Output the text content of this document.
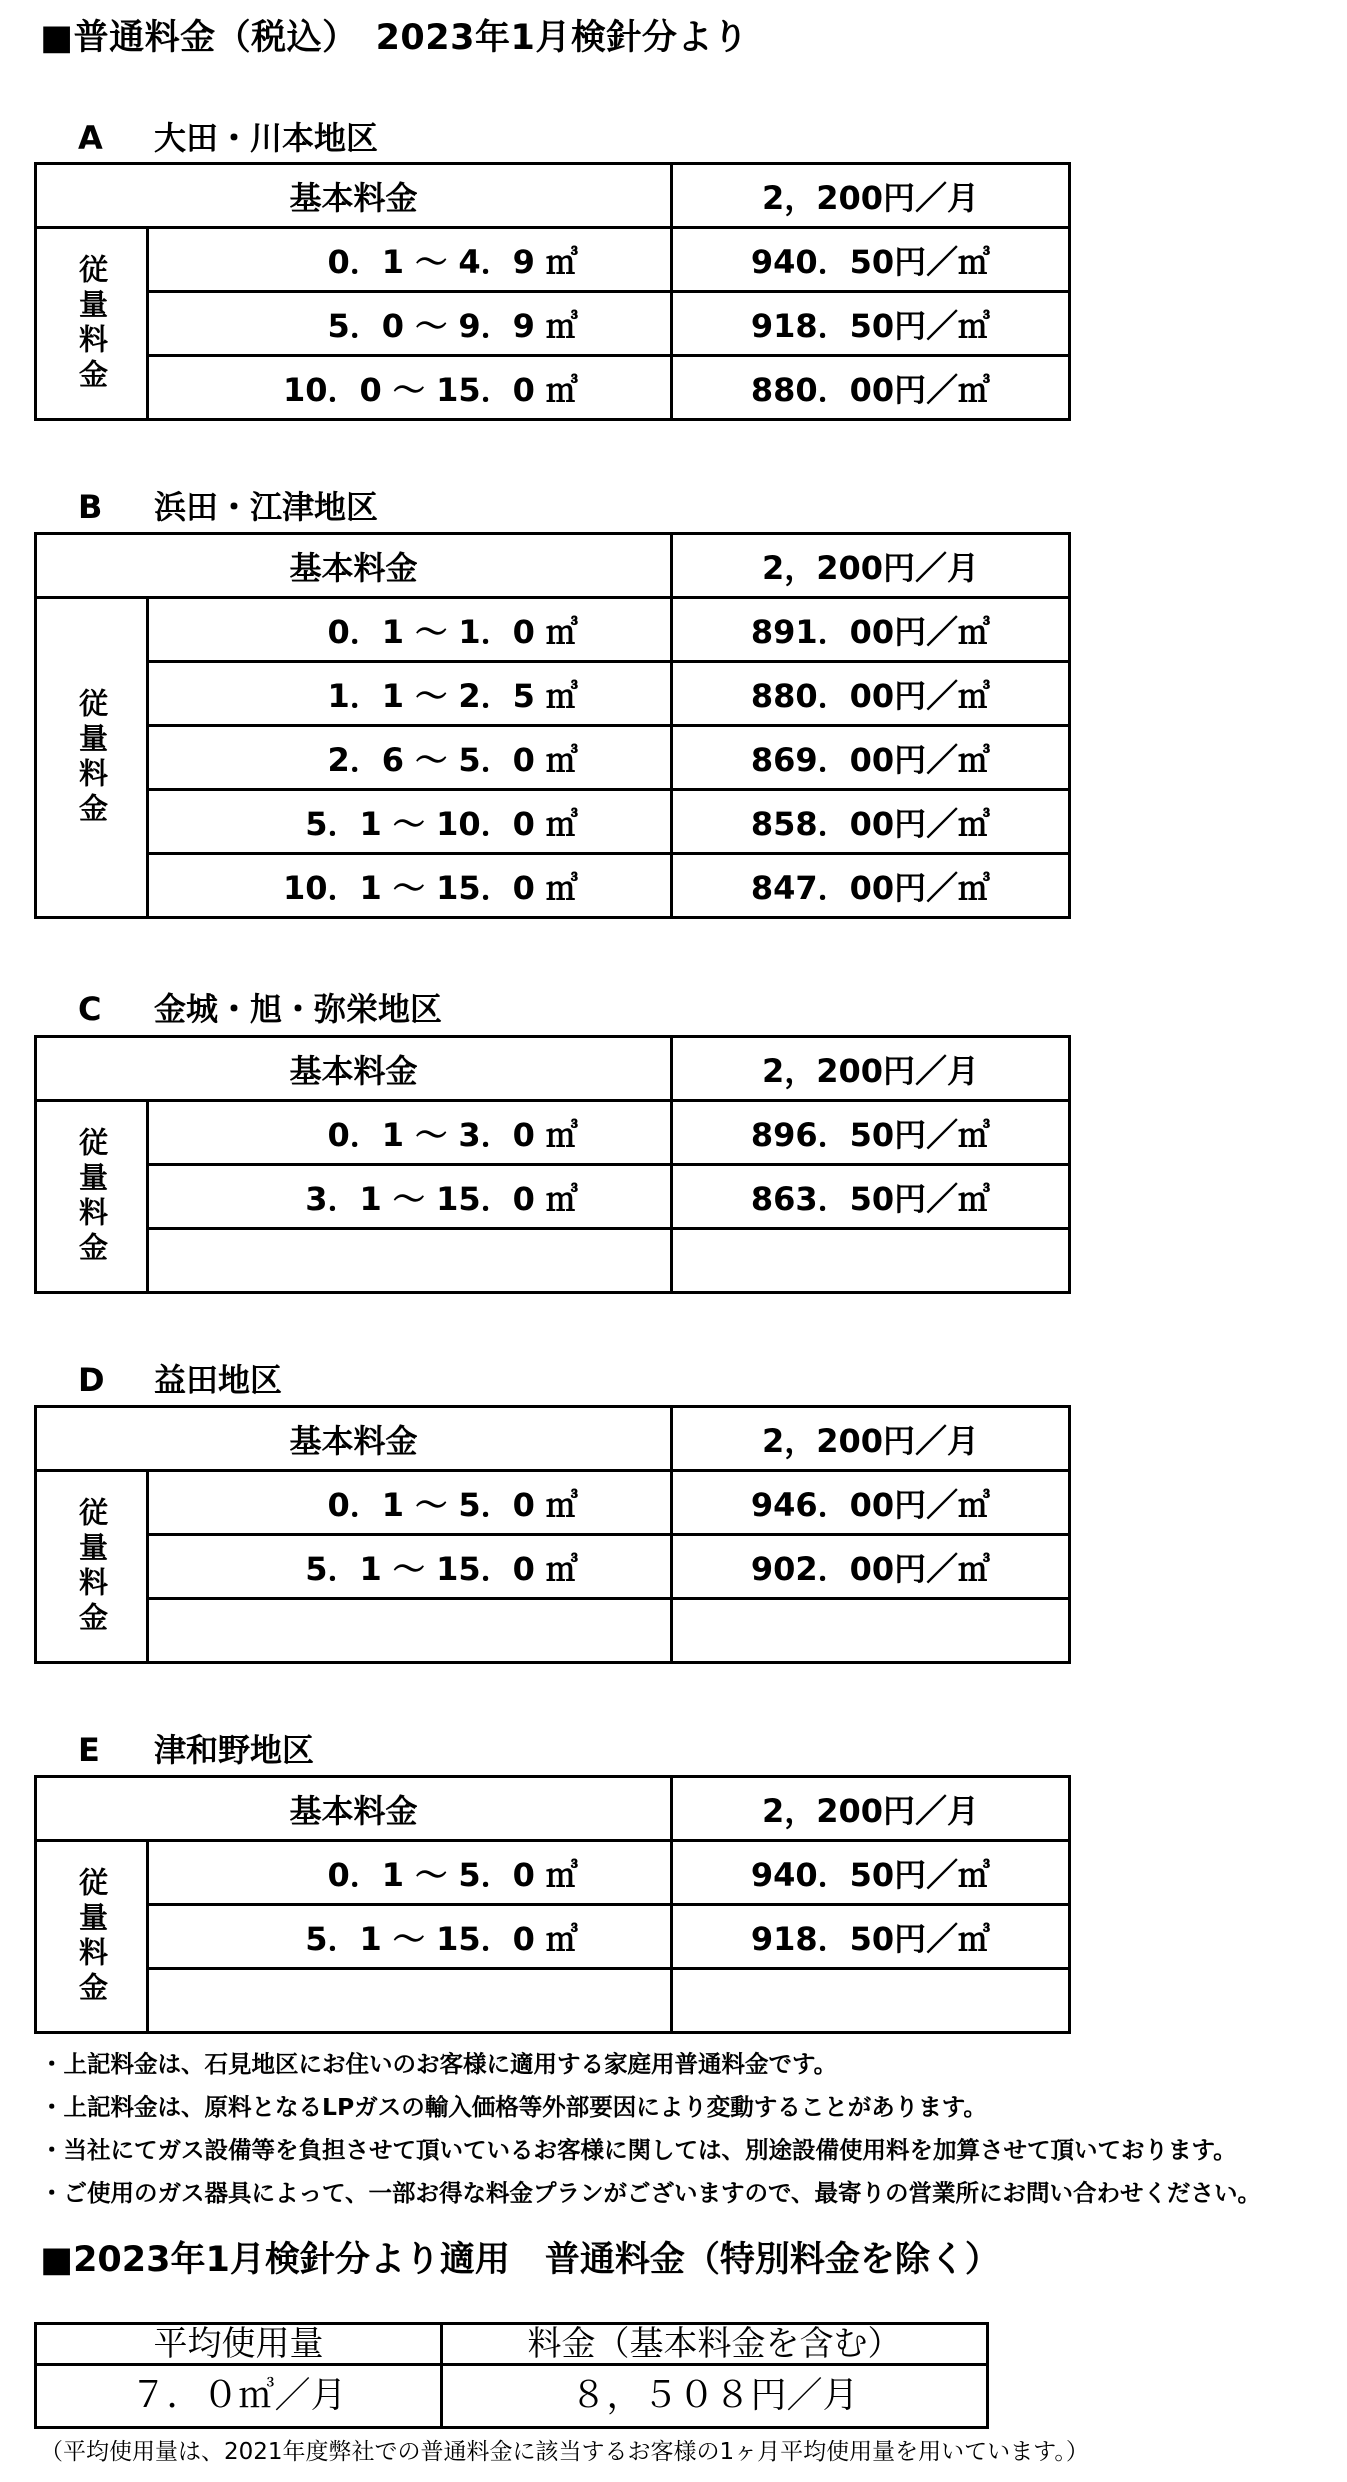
■普通料金（税込）　2023年1月検針分より
A 大田・川本地区
基本料金		2，200円／月
従量料金	0．1 ～ 4．9 ㎥	940．50円／㎥
	5．0 ～ 9．9 ㎥	918．50円／㎥
	10．0 ～ 15．0 ㎥	880．00円／㎥
B 浜田・江津地区
基本料金		2，200円／月
従量料金	0．1 ～ 1．0 ㎥	891．00円／㎥
	1．1 ～ 2．5 ㎥	880．00円／㎥
	2．6 ～ 5．0 ㎥	869．00円／㎥
	5．1 ～ 10．0 ㎥	858．00円／㎥
	10．1 ～ 15．0 ㎥	847．00円／㎥
C 金城・旭・弥栄地区
基本料金		2，200円／月
従量料金	0．1 ～ 3．0 ㎥	896．50円／㎥
	3．1 ～ 15．0 ㎥	863．50円／㎥

D 益田地区
基本料金		2，200円／月
従量料金	0．1 ～ 5．0 ㎥	946．00円／㎥
	5．1 ～ 15．0 ㎥	902．00円／㎥

E 津和野地区
基本料金		2，200円／月
従量料金	0．1 ～ 5．0 ㎥	940．50円／㎥
	5．1 ～ 15．0 ㎥	918．50円／㎥

・上記料金は、石見地区にお住いのお客様に適用する家庭用普通料金です。
・上記料金は、原料となるLPガスの輸入価格等外部要因により変動することがあります。
・当社にてガス設備等を負担させて頂いているお客様に関しては、別途設備使用料を加算させて頂いております。
・ご使用のガス器具によって、一部お得な料金プランがございますので、最寄りの営業所にお問い合わせください。
■2023年1月検針分より適用　普通料金（特別料金を除く）
平均使用量	料金（基本料金を含む）
７．０㎥／月	８，５０８円／月
（平均使用量は、2021年度弊社での普通料金に該当するお客様の1ヶ月平均使用量を用いています。）
